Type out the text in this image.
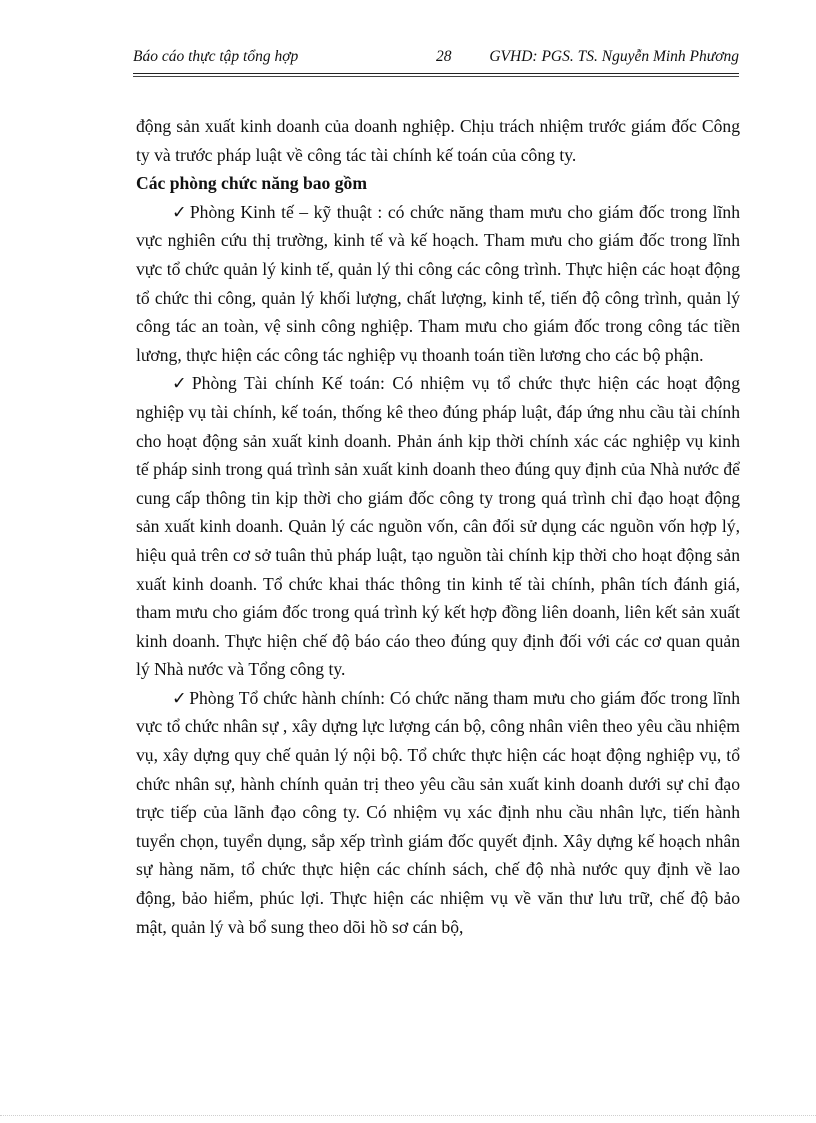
Báo cáo thực tập tổng hợp	28 GVHD: PGS. TS. Nguyễn Minh Phương

động sản xuất kinh doanh của doanh nghiệp. Chịu trách nhiệm trước giám đốc Công ty và trước pháp luật về công tác tài chính kế toán của công ty.

Các phòng chức năng bao gồm

✓ Phòng Kinh tế – kỹ thuật : có chức năng tham mưu cho giám đốc trong lĩnh vực nghiên cứu thị trường, kinh tế và kế hoạch. Tham mưu cho giám đốc trong lĩnh vực tổ chức quản lý kinh tế, quản lý thi công các công trình. Thực hiện các hoạt động tổ chức thi công, quản lý khối lượng, chất lượng, kinh tế, tiến độ công trình, quản lý công tác an toàn, vệ sinh công nghiệp. Tham mưu cho giám đốc trong công tác tiền lương, thực hiện các công tác nghiệp vụ thoanh toán tiền lương cho các bộ phận.

✓ Phòng Tài chính Kế toán: Có nhiệm vụ tổ chức thực hiện các hoạt động nghiệp vụ tài chính, kế toán, thống kê theo đúng pháp luật, đáp ứng nhu cầu tài chính cho hoạt động sản xuất kinh doanh. Phản ánh kịp thời chính xác các nghiệp vụ kinh tế pháp sinh trong quá trình sản xuất kinh doanh theo đúng quy định của Nhà nước để cung cấp thông tin kịp thời cho giám đốc công ty trong quá trình chỉ đạo hoạt động sản xuất kinh doanh. Quản lý các nguồn vốn, cân đối sử dụng các nguồn vốn hợp lý, hiệu quả trên cơ sở tuân thủ pháp luật, tạo nguồn tài chính kịp thời cho hoạt động sản xuất kinh doanh. Tổ chức khai thác thông tin kinh tế tài chính, phân tích đánh giá, tham mưu cho giám đốc trong quá trình ký kết hợp đồng liên doanh, liên kết sản xuất kinh doanh. Thực hiện chế độ báo cáo theo đúng quy định đối với các cơ quan quản lý Nhà nước và Tổng công ty.

✓ Phòng Tổ chức hành chính: Có chức năng tham mưu cho giám đốc trong lĩnh vực tổ chức nhân sự , xây dựng lực lượng cán bộ, công nhân viên theo yêu cầu nhiệm vụ, xây dựng quy chế quản lý nội bộ. Tổ chức thực hiện các hoạt động nghiệp vụ, tổ chức nhân sự, hành chính quản trị theo yêu cầu sản xuất kinh doanh dưới sự chỉ đạo trực tiếp của lãnh đạo công ty. Có nhiệm vụ xác định nhu cầu nhân lực, tiến hành tuyển chọn, tuyển dụng, sắp xếp trình giám đốc quyết định. Xây dựng kế hoạch nhân sự hàng năm, tổ chức thực hiện các chính sách, chế độ nhà nước quy định về lao động, bảo hiểm, phúc lợi. Thực hiện các nhiệm vụ về văn thư lưu trữ, chế độ bảo mật, quản lý và bổ sung theo dõi hồ sơ cán bộ,
